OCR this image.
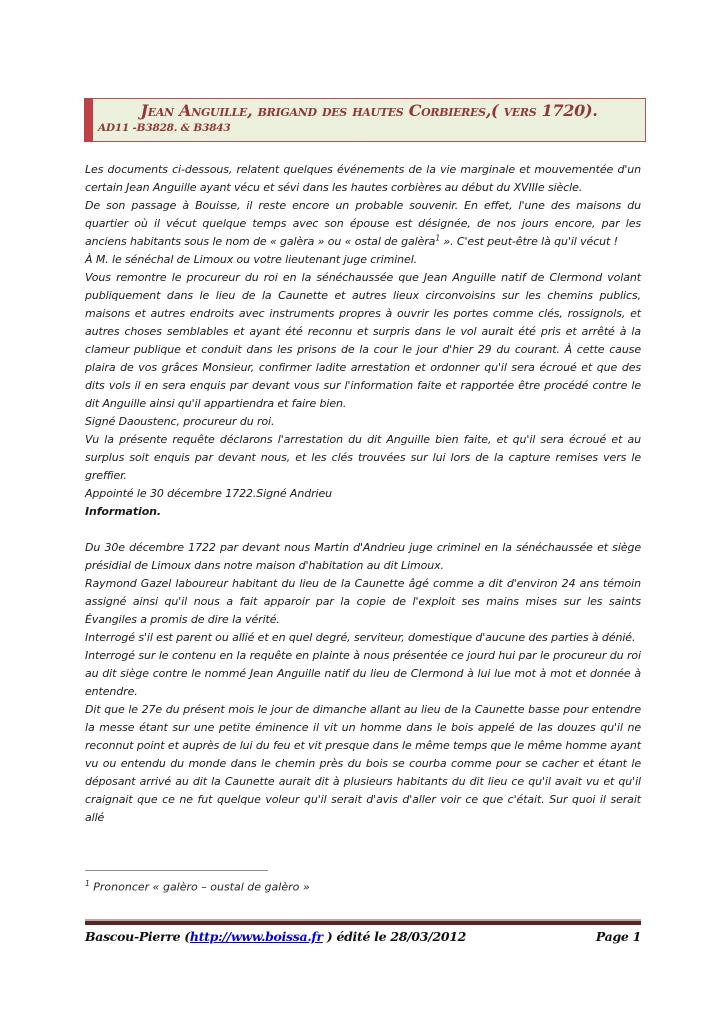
Jean Anguille, brigand des hautes Corbieres,( vers 1720).
AD11 -B3828. & B3843

Les documents ci-dessous, relatent quelques événements de la vie marginale et mouvementée d'un certain Jean Anguille ayant vécu et sévi dans les hautes corbières au début du XVIIIe siècle.

De son passage à Bouisse, il reste encore un probable souvenir. En effet, l'une des maisons du quartier où il vécut quelque temps avec son épouse est désignée, de nos jours encore, par les anciens habitants sous le nom de « galèra » ou « ostal de galèra$^1$ ». C'est peut-être là qu'il vécut !

À M. le sénéchal de Limoux ou votre lieutenant juge criminel.

Vous remontre le procureur du roi en la sénéchaussée que Jean Anguille natif de Clermond volant publiquement dans le lieu de la Caunette et autres lieux circonvoisins sur les chemins publics, maisons et autres endroits avec instruments propres à ouvrir les portes comme clés, rossignols, et autres choses semblables et ayant été reconnu et surpris dans le vol aurait été pris et arrêté à la clameur publique et conduit dans les prisons de la cour le jour d'hier 29 du courant. À cette cause plaira de vos grâces Monsieur, confirmer ladite arrestation et ordonner qu'il sera écroué et que des dits vols il en sera enquis par devant vous sur l'information faite et rapportée être procédé contre le dit Anguille ainsi qu'il appartiendra et faire bien.

Signé Daoustenc, procureur du roi.

Vu la présente requête déclarons l'arrestation du dit Anguille bien faite, et qu'il sera écroué et au surplus soit enquis par devant nous, et les clés trouvées sur lui lors de la capture remises vers le greffier.

Appointé le 30 décembre 1722.Signé Andrieu

Information.

Du 30e décembre 1722 par devant nous Martin d'Andrieu juge criminel en la sénéchaussée et siège présidial de Limoux dans notre maison d'habitation au dit Limoux.

Raymond Gazel laboureur habitant du lieu de la Caunette âgé comme a dit d'environ 24 ans témoin assigné ainsi qu'il nous a fait apparoir par la copie de l'exploit ses mains mises sur les saints Évangiles a promis de dire la vérité.

Interrogé s'il est parent ou allié et en quel degré, serviteur, domestique d'aucune des parties à dénié.

Interrogé sur le contenu en la requête en plainte à nous présentée ce jourd hui par le procureur du roi au dit siège contre le nommé Jean Anguille natif du lieu de Clermond à lui lue mot à mot et donnée à entendre.

Dit que le 27e du présent mois le jour de dimanche allant au lieu de la Caunette basse pour entendre la messe étant sur une petite éminence il vit un homme dans le bois appelé de las douzes qu'il ne reconnut point et auprès de lui du feu et vit presque dans le même temps que le même homme ayant vu ou entendu du monde dans le chemin près du bois se courba comme pour se cacher et étant le déposant arrivé au dit la Caunette aurait dit à plusieurs habitants du dit lieu ce qu'il avait vu et qu'il craignait que ce ne fut quelque voleur qu'il serait d'avis d'aller voir ce que c'était. Sur quoi il serait allé

$^1$ Prononcer « galèro – oustal de galèro »
Bascou-Pierre (http://www.boissa.fr ) édité le 28/03/2012	Page 1
